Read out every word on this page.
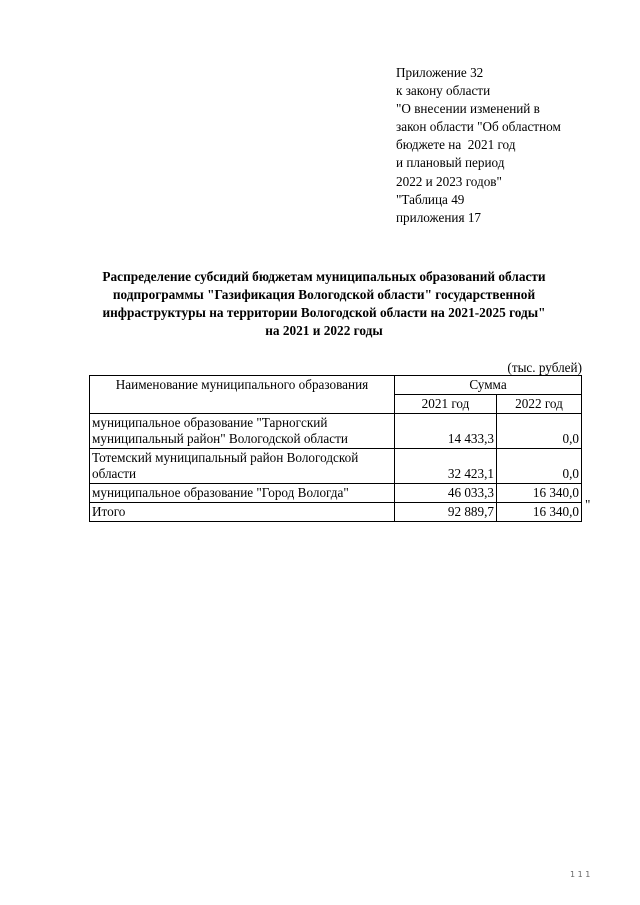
Приложение 32
к закону области
"О внесении изменений в
закон области "Об областном
бюджете на  2021 год
и плановый период
2022 и 2023 годов"
"Таблица 49
приложения 17
Распределение субсидий бюджетам муниципальных образований области
подпрограммы "Газификация Вологодской области" государственной
инфраструктуры на территории Вологодской области на 2021-2025 годы"
на 2021 и 2022 годы
(тыс. рублей)
Наименование муниципального образования	Сумма	
	2021 год	2022 год

муниципальное образование "Тарногский
муниципальный район" Вологодской области	14 433,3	0,0

Тотемский муниципальный район Вологодской
области	32 423,1	0,0

муниципальное образование "Город Вологда"	46 033,3	16 340,0
Итого	92 889,7	16 340,0 "
1 1 1
